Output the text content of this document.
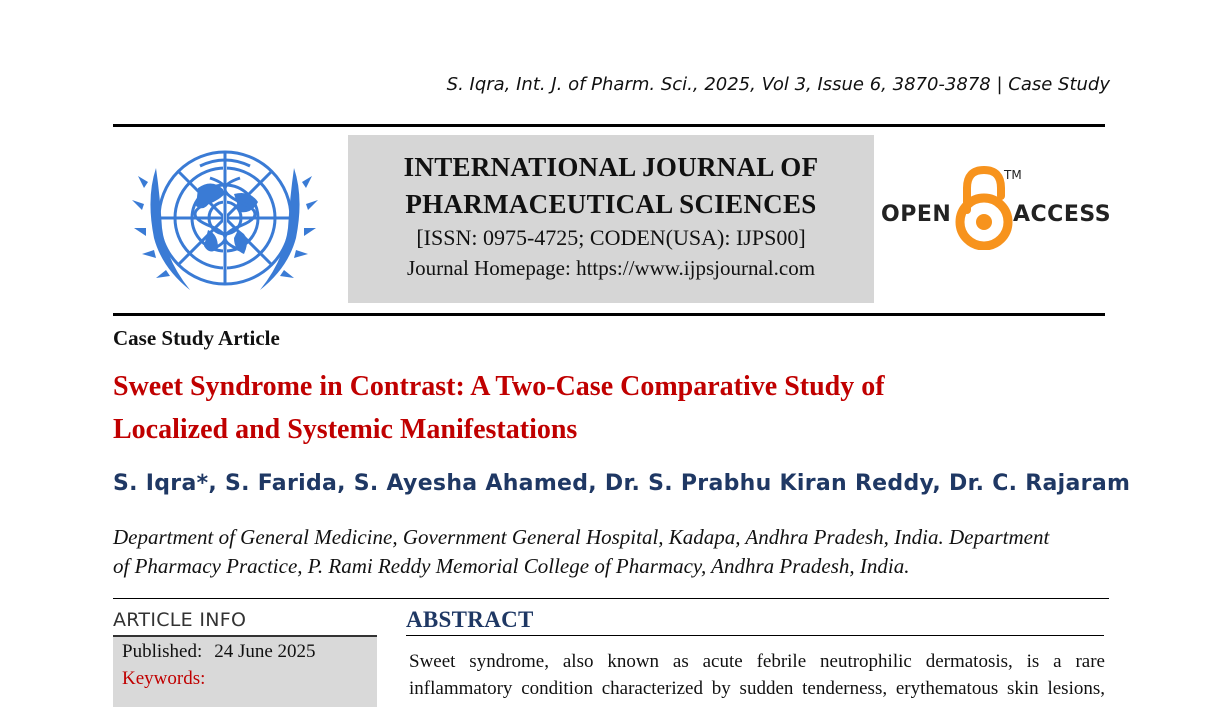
S. Iqra, Int. J. of Pharm. Sci., 2025, Vol 3, Issue 6, 3870-3878 | Case Study
INTERNATIONAL JOURNAL OF
PHARMACEUTICAL SCIENCES
[ISSN: 0975-4725; CODEN(USA): IJPS00]
Journal Homepage: https://www.ijpsjournal.com
OPEN
TM
ACCESS
Case Study Article
Sweet Syndrome in Contrast: A Two-Case Comparative Study of
Localized and Systemic Manifestations
S. Iqra*, S. Farida, S. Ayesha Ahamed, Dr. S. Prabhu Kiran Reddy, Dr. C. Rajaram
Department of General Medicine, Government General Hospital, Kadapa, Andhra Pradesh, India. Department
of Pharmacy Practice, P. Rami Reddy Memorial College of Pharmacy, Andhra Pradesh, India.
ARTICLE INFO
Published: 24 June 2025
Keywords:
ABSTRACT
Sweet syndrome, also known as acute febrile neutrophilic dermatosis, is a rare
inflammatory condition characterized by sudden tenderness, erythematous skin lesions,
